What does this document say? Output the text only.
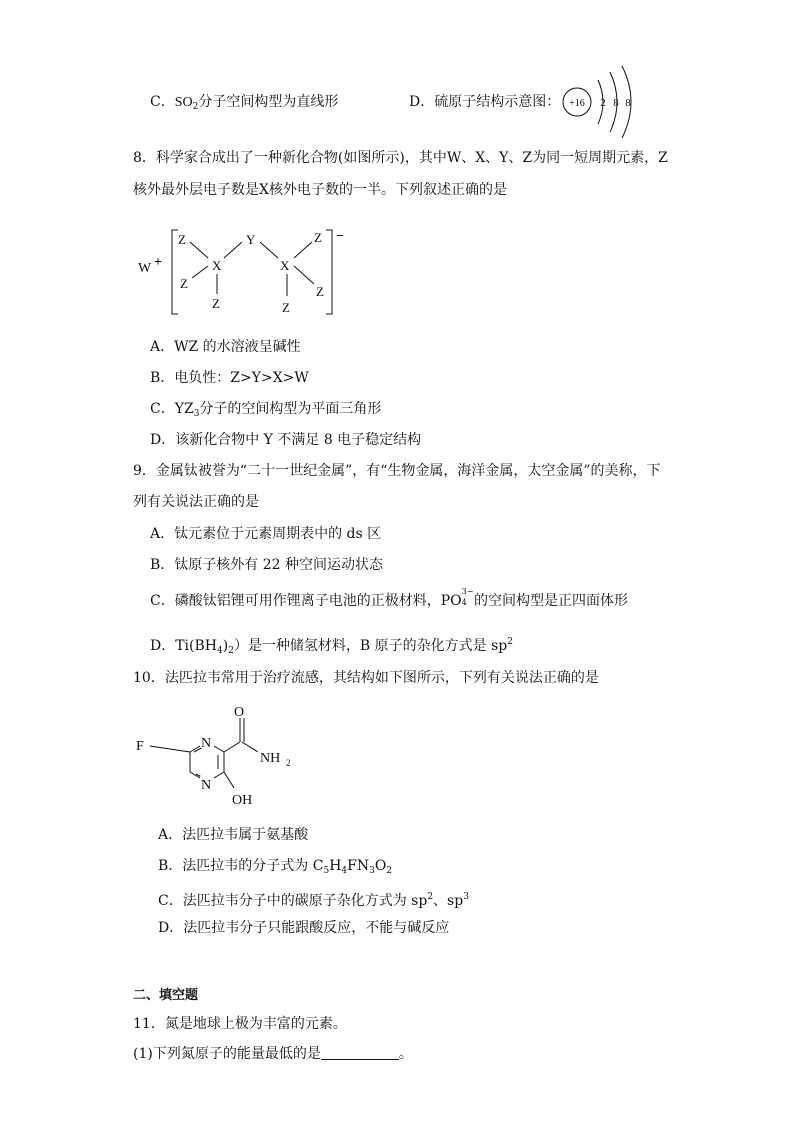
C．$SO_2$分子空间构型为直线形	D．硫原子结构示意图： +16 2 8 8
8．科学家合成出了一种新化合物(如图所示)，其中W、X、Y、Z为同一短周期元素，Z
核外最外层电子数是X核外电子数的一半。下列叙述正确的是
W +
−
Z
Z
Z
X
Y
X
Z
Z
Z
A．WZ 的水溶液呈碱性
B．电负性：Z>Y>X>W
C．$YZ_3$分子的空间构型为平面三角形
D．该新化合物中 Y 不满足 8 电子稳定结构
9．金属钛被誉为“二十一世纪金属”，有“生物金属，海洋金属，太空金属”的美称，下
列有关说法正确的是
A．钛元素位于元素周期表中的 ds 区
B．钛原子核外有 22 种空间运动状态
C．磷酸钛铝锂可用作锂离子电池的正极材料，PO
3−
4 的空间构型是正四面体形
D．$Ti(BH_4)_2$）是一种储氢材料，B 原子的杂化方式是 $sp^2$
10．法匹拉韦常用于治疗流感，其结构如下图所示，下列有关说法正确的是
N
N
F
O
NH 2
OH
A．法匹拉韦属于氨基酸
B．法匹拉韦的分子式为 $C_5H_4FN_3O_2$
C．法匹拉韦分子中的碳原子杂化方式为 $sp^2$、$sp^3$
D．法匹拉韦分子只能跟酸反应，不能与碱反应
二、填空题
11．氮是地球上极为丰富的元素。
(1)下列氮原子的能量最低的是	。
